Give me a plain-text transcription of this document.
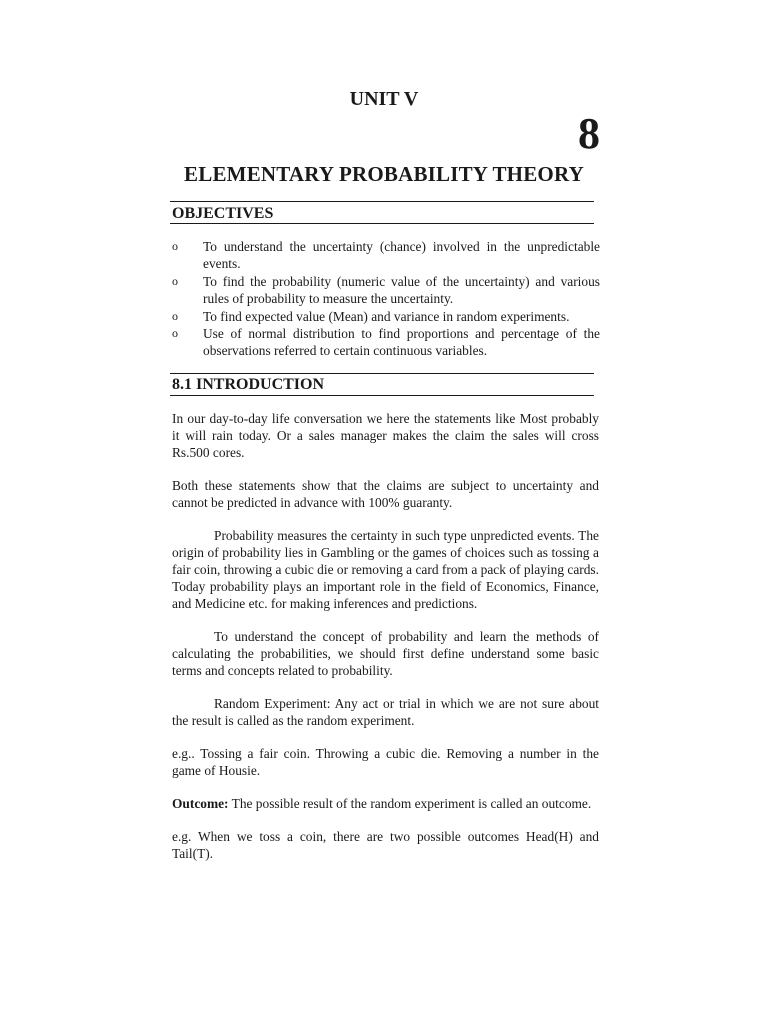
UNIT V
8
ELEMENTARY PROBABILITY THEORY
OBJECTIVES
o To understand the uncertainty (chance) involved in the unpredictable events.
o To find the probability (numeric value of the uncertainty) and various rules of probability to measure the uncertainty.
o To find expected value (Mean) and variance in random experiments.
o Use of normal distribution to find proportions and percentage of the observations referred to certain continuous variables.
8.1 INTRODUCTION

In our day-to-day life conversation we here the statements like Most probably it will rain today. Or a sales manager makes the claim the sales will cross Rs.500 cores.

Both these statements show that the claims are subject to uncertainty and cannot be predicted in advance with 100% guaranty.

Probability measures the certainty in such type unpredicted events. The origin of probability lies in Gambling or the games of choices such as tossing a fair coin, throwing a cubic die or removing a card from a pack of playing cards. Today probability plays an important role in the field of Economics, Finance, and Medicine etc. for making inferences and predictions.

To understand the concept of probability and learn the methods of calculating the probabilities, we should first define understand some basic terms and concepts related to probability.

Random Experiment: Any act or trial in which we are not sure about the result is called as the random experiment.

e.g.. Tossing a fair coin. Throwing a cubic die. Removing a number in the game of Housie.

Outcome: The possible result of the random experiment is called an outcome.

e.g. When we toss a coin, there are two possible outcomes Head(H) and Tail(T).
